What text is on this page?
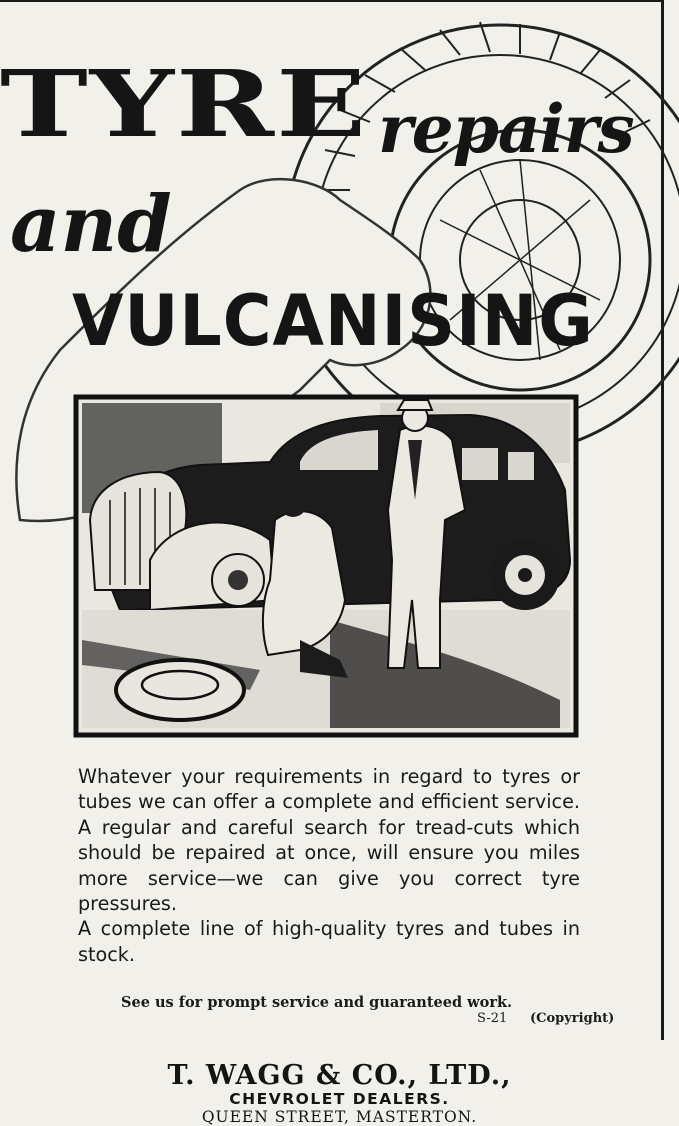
TYRE repairs
and
VULCANISING

Whatever your requirements in regard to tyres or tubes we can offer a complete and efficient service. A regular and careful search for tread-cuts which should be repaired at once, will ensure you miles more service—we can give you correct tyre pressures.

A complete line of high-quality tyres and tubes in stock.

See us for prompt service and guaranteed work.
S-21 (Copyright)
T. WAGG & CO., LTD.,
CHEVROLET DEALERS.
QUEEN STREET, MASTERTON.
